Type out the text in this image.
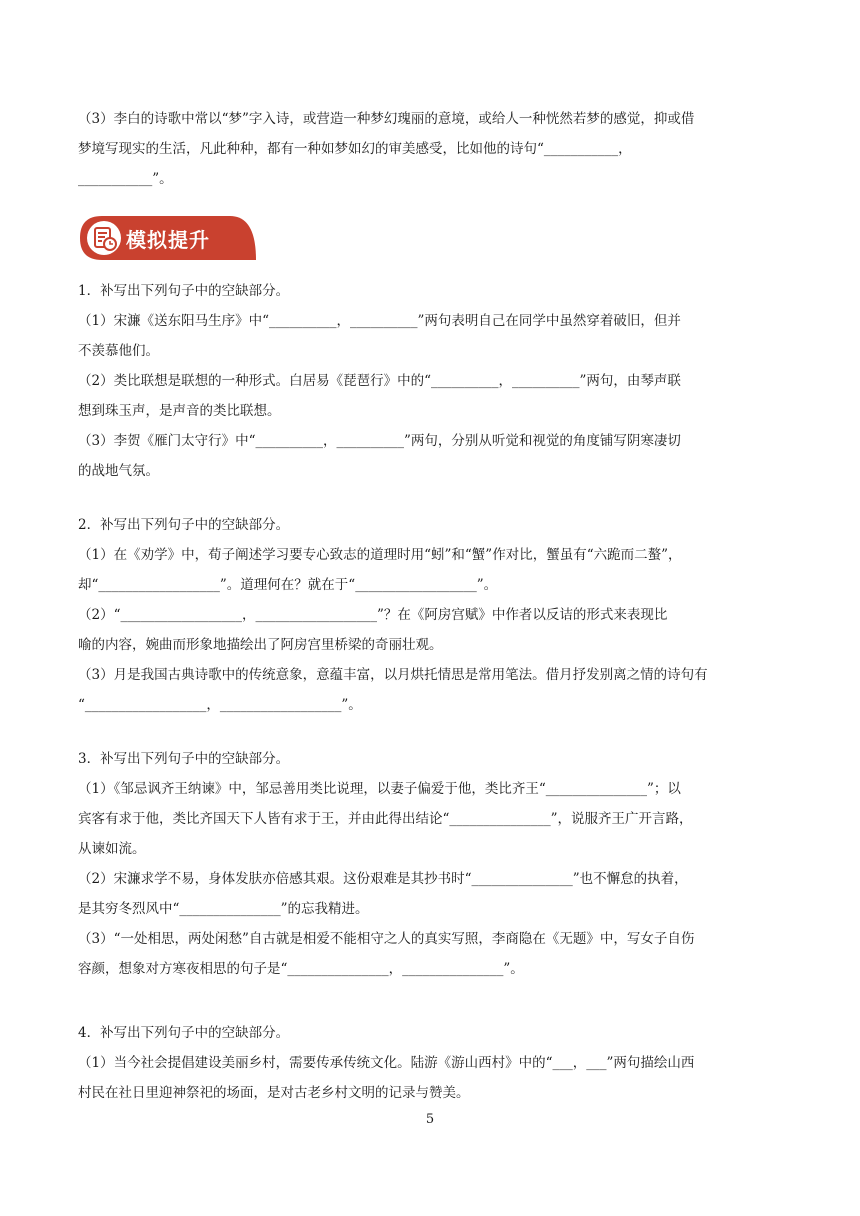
（3）李白的诗歌中常以“梦”字入诗，或营造一种梦幻瑰丽的意境，或给人一种恍然若梦的感觉，抑或借
梦境写现实的生活，凡此种种，都有一种如梦如幻的审美感受，比如他的诗句“___________，
___________”。

模拟提升

1．补写出下列句子中的空缺部分。
（1）宋濂《送东阳马生序》中“__________，__________”两句表明自己在同学中虽然穿着破旧，但并
不羡慕他们。
（2）类比联想是联想的一种形式。白居易《琵琶行》中的“__________，__________”两句，由琴声联
想到珠玉声，是声音的类比联想。
（3）李贺《雁门太守行》中“__________，__________”两句，分别从听觉和视觉的角度铺写阴寒凄切
的战地气氛。

2．补写出下列句子中的空缺部分。
（1）在《劝学》中，荀子阐述学习要专心致志的道理时用“蚓”和“蟹”作对比，蟹虽有“六跪而二螯”，
却“__________________”。道理何在？就在于“__________________”。
（2）“__________________，__________________”？在《阿房宫赋》中作者以反诘的形式来表现比
喻的内容，婉曲而形象地描绘出了阿房宫里桥梁的奇丽壮观。
（3）月是我国古典诗歌中的传统意象，意蕴丰富，以月烘托情思是常用笔法。借月抒发别离之情的诗句有
“__________________，__________________”。

3．补写出下列句子中的空缺部分。
（1）《邹忌讽齐王纳谏》中，邹忌善用类比说理，以妻子偏爱于他，类比齐王“_______________”；以
宾客有求于他，类比齐国天下人皆有求于王，并由此得出结论“_______________”，说服齐王广开言路，
从谏如流。
（2）宋濂求学不易，身体发肤亦倍感其艰。这份艰难是其抄书时“_______________”也不懈怠的执着，
是其穷冬烈风中“_______________”的忘我精进。
（3）“一处相思，两处闲愁”自古就是相爱不能相守之人的真实写照，李商隐在《无题》中，写女子自伤
容颜，想象对方寒夜相思的句子是“_______________，_______________”。

4．补写出下列句子中的空缺部分。
（1）当今社会提倡建设美丽乡村，需要传承传统文化。陆游《游山西村》中的“___，___”两句描绘山西
村民在社日里迎神祭祀的场面，是对古老乡村文明的记录与赞美。

5
